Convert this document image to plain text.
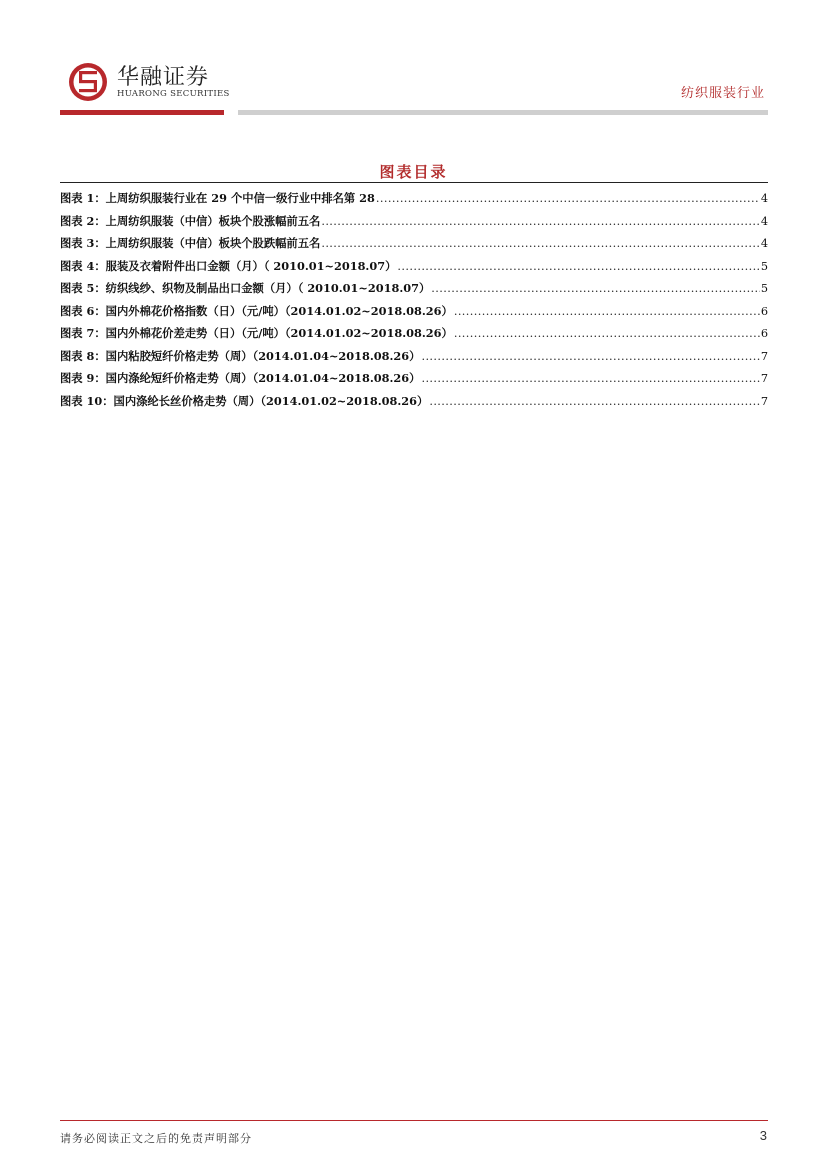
华融证券
HUARONG SECURITIES	纺织服装行业
图表目录
图表 1：上周纺织服装行业在 29 个中信一级行业中排名第 28 .....	4
图表 2：上周纺织服装（中信）板块个股涨幅前五名 .....	4
图表 3：上周纺织服装（中信）板块个股跌幅前五名 .....	4
图表 4：服装及衣着附件出口金额（月）（ 2010.01~2018.07） .....	5
图表 5：纺织线纱、织物及制品出口金额（月）（ 2010.01~2018.07） .....	5
图表 6：国内外棉花价格指数（日）（元/吨）（2014.01.02~2018.08.26） .....	6
图表 7：国内外棉花价差走势（日）（元/吨）（2014.01.02~2018.08.26） .....	6
图表 8：国内粘胶短纤价格走势（周）（2014.01.04~2018.08.26） .....	7
图表 9：国内涤纶短纤价格走势（周）（2014.01.04~2018.08.26） .....	7
图表 10：国内涤纶长丝价格走势（周）（2014.01.02~2018.08.26） .....	7
请务必阅读正文之后的免责声明部分	3
